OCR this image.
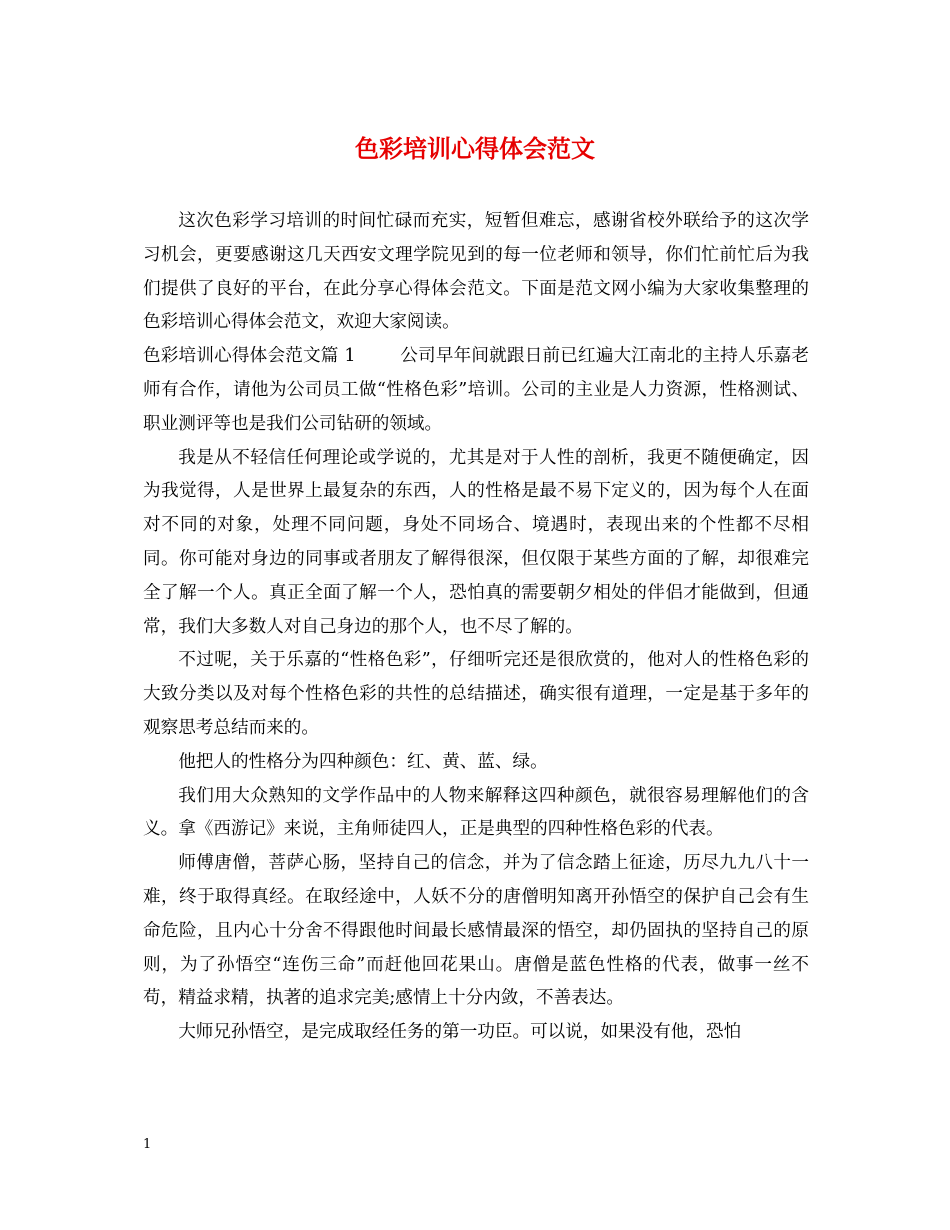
色彩培训心得体会范文

这次色彩学习培训的时间忙碌而充实，短暂但难忘，感谢省校外联给予的这次学习机会，更要感谢这几天西安文理学院见到的每一位老师和领导，你们忙前忙后为我们提供了良好的平台，在此分享心得体会范文。下面是范文网小编为大家收集整理的色彩培训心得体会范文，欢迎大家阅读。

色彩培训心得体会范文篇 1　　 	公司早年间就跟日前已红遍大江南北的主持人乐嘉老师有合作，请他为公司员工做“性格色彩”培训。公司的主业是人力资源，性格测试、职业测评等也是我们公司钻研的领域。

我是从不轻信任何理论或学说的，尤其是对于人性的剖析，我更不随便确定，因为我觉得，人是世界上最复杂的东西，人的性格是最不易下定义的，因为每个人在面对不同的对象，处理不同问题，身处不同场合、境遇时，表现出来的个性都不尽相同。你可能对身边的同事或者朋友了解得很深，但仅限于某些方面的了解，却很难完全了解一个人。真正全面了解一个人，恐怕真的需要朝夕相处的伴侣才能做到，但通常，我们大多数人对自己身边的那个人，也不尽了解的。

不过呢，关于乐嘉的“性格色彩”，仔细听完还是很欣赏的，他对人的性格色彩的大致分类以及对每个性格色彩的共性的总结描述，确实很有道理，一定是基于多年的观察思考总结而来的。

他把人的性格分为四种颜色：红、黄、蓝、绿。

我们用大众熟知的文学作品中的人物来解释这四种颜色，就很容易理解他们的含义。拿《西游记》来说，主角师徒四人，正是典型的四种性格色彩的代表。

师傅唐僧，菩萨心肠，坚持自己的信念，并为了信念踏上征途，历尽九九八十一难，终于取得真经。在取经途中，人妖不分的唐僧明知离开孙悟空的保护自己会有生命危险，且内心十分舍不得跟他时间最长感情最深的悟空，却仍固执的坚持自己的原则，为了孙悟空“连伤三命”而赶他回花果山。唐僧是蓝色性格的代表，做事一丝不苟，精益求精，执著的追求完美;感情上十分内敛，不善表达。

大师兄孙悟空，是完成取经任务的第一功臣。可以说，如果没有他，恐怕

1
